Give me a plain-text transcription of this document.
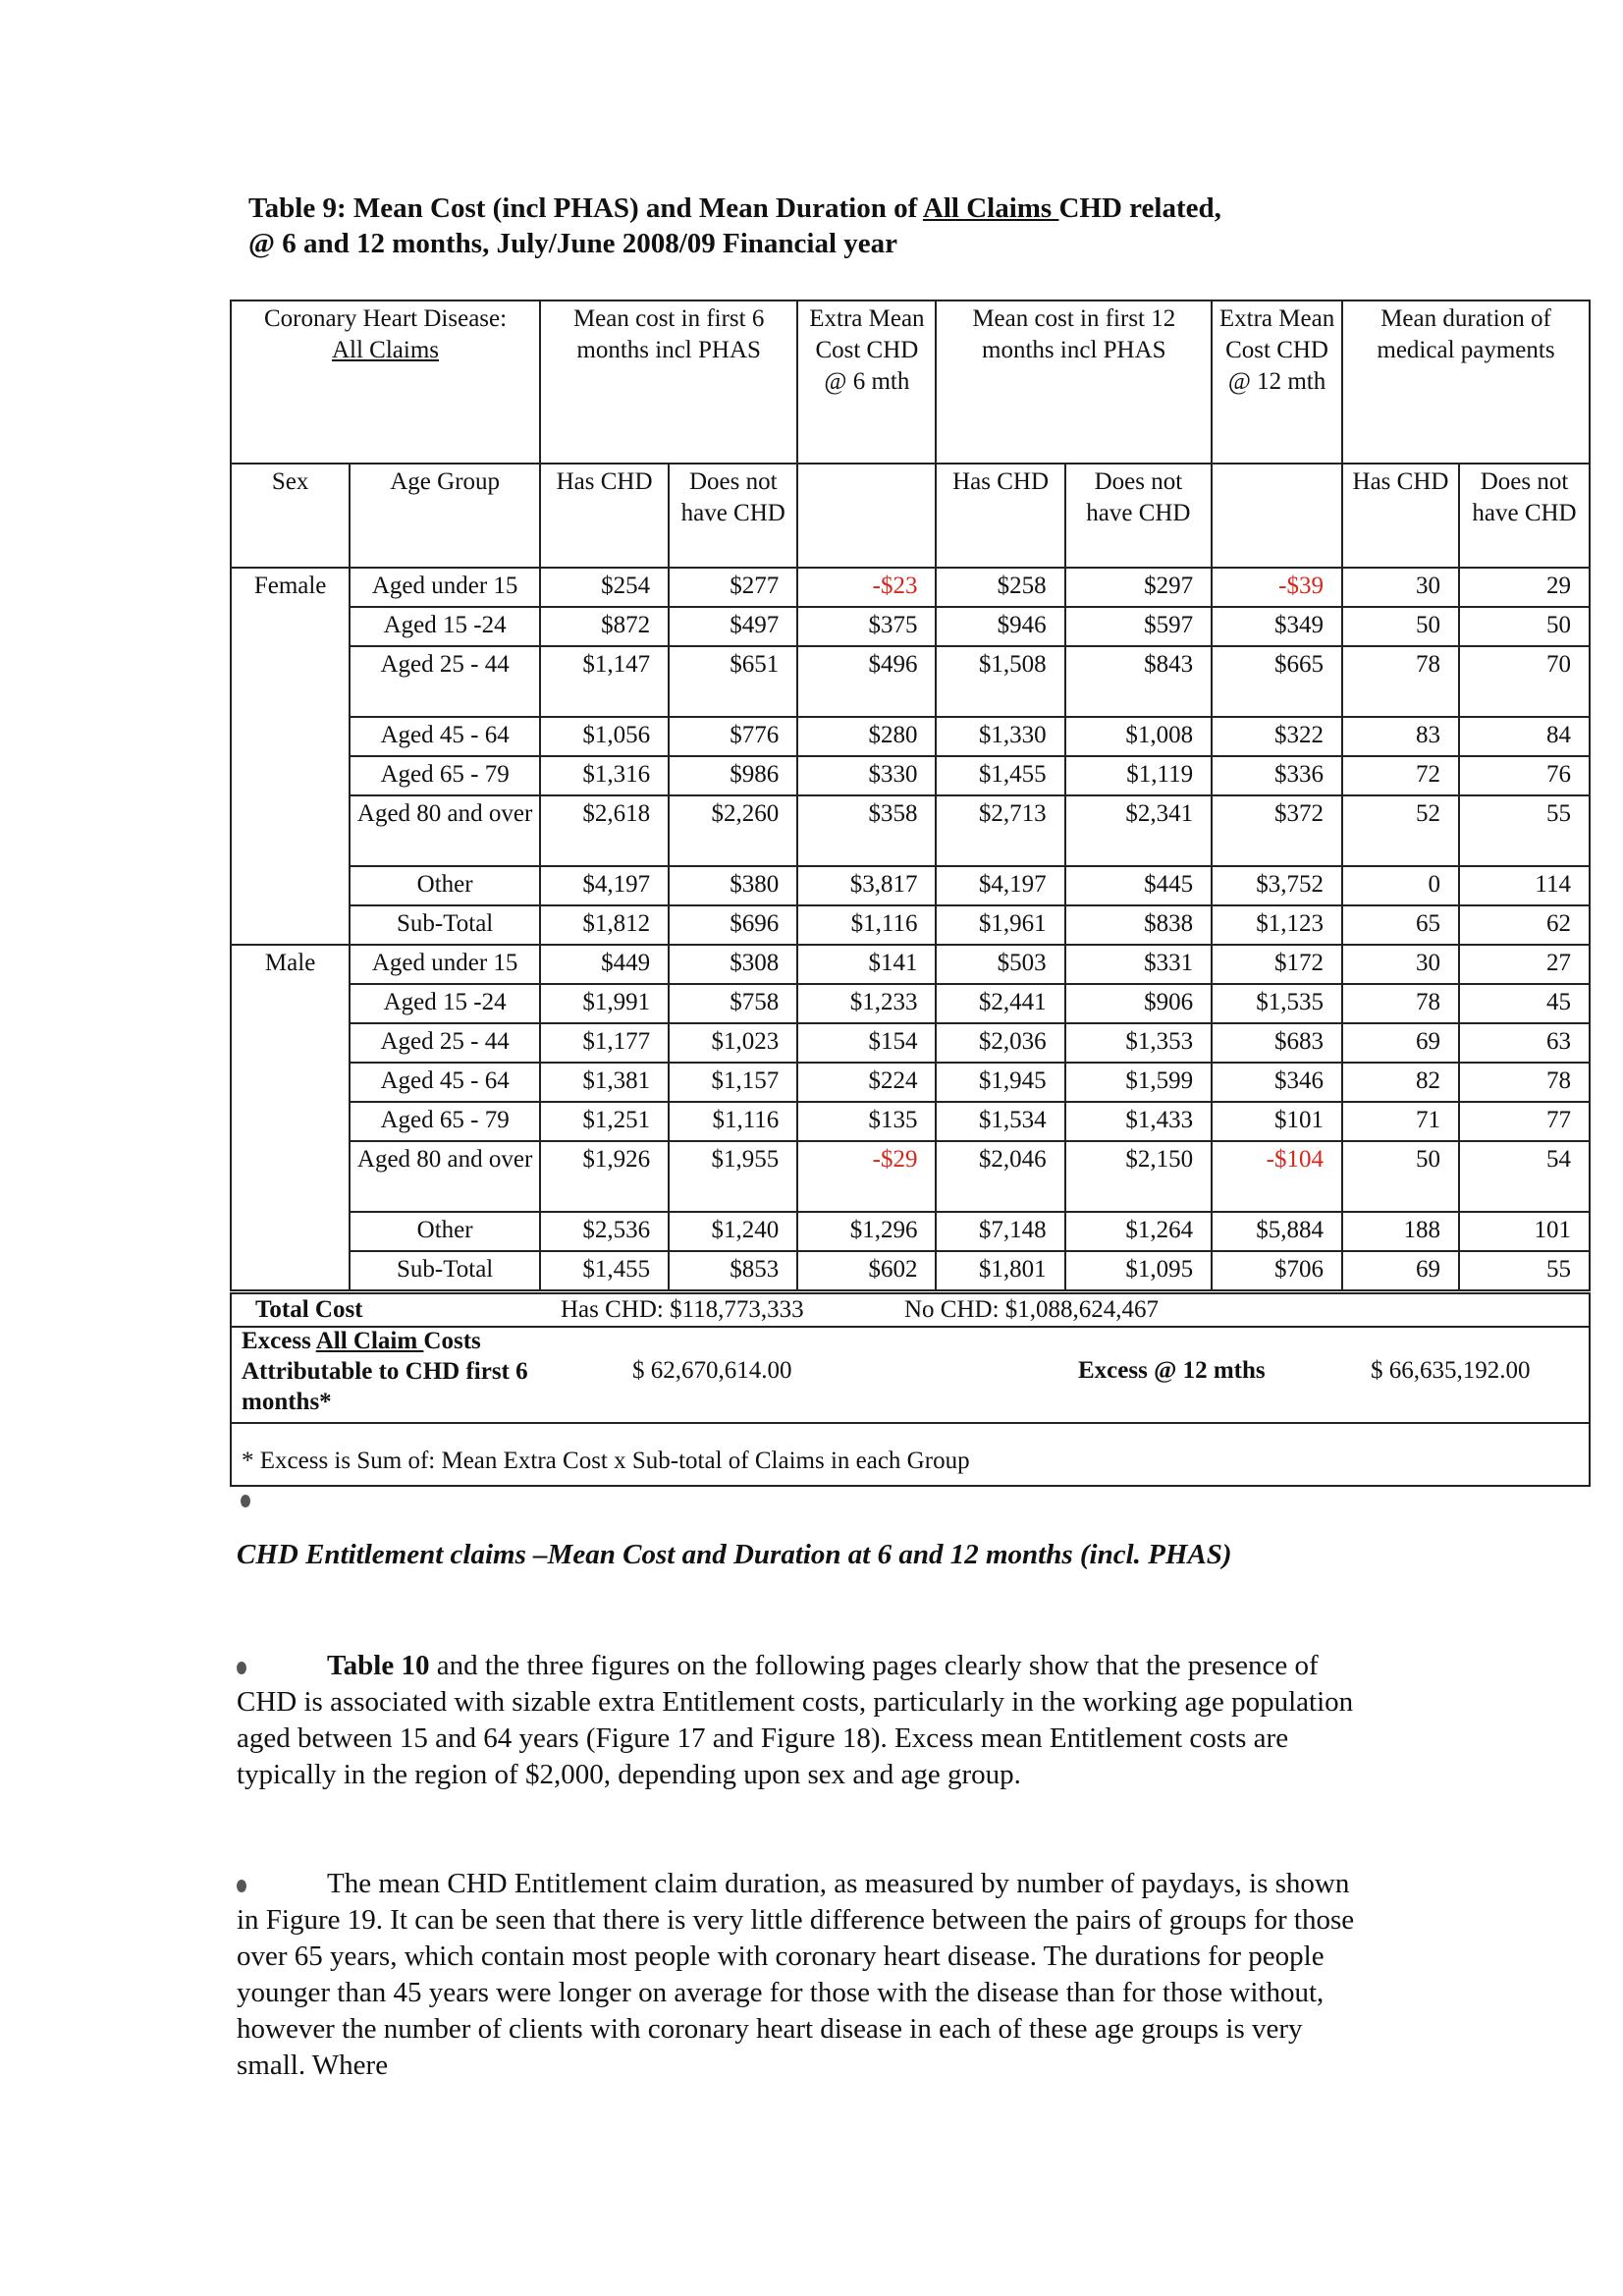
Table 9: Mean Cost (incl PHAS) and Mean Duration of All Claims CHD related,
@ 6 and 12 months, July/June 2008/09 Financial year
Coronary Heart Disease:
All Claims		Mean cost in first 6 months incl PHAS		Extra Mean Cost CHD @ 6 mth	Mean cost in first 12 months incl PHAS		Extra Mean Cost CHD @ 12 mth	Mean duration of medical payments	
Sex	Age Group	Has CHD	Does not have CHD		Has CHD	Does not have CHD		Has CHD	Does not have CHD
Female	Aged under 15	$254	$277	-$23	$258	$297	-$39	30	29
	Aged 15 -24	$872	$497	$375	$946	$597	$349	50	50
	Aged 25 - 44	$1,147	$651	$496	$1,508	$843	$665	78	70
	Aged 45 - 64	$1,056	$776	$280	$1,330	$1,008	$322	83	84
	Aged 65 - 79	$1,316	$986	$330	$1,455	$1,119	$336	72	76
	Aged 80 and over	$2,618	$2,260	$358	$2,713	$2,341	$372	52	55
	Other	$4,197	$380	$3,817	$4,197	$445	$3,752	0	114
	Sub-Total	$1,812	$696	$1,116	$1,961	$838	$1,123	65	62
Male	Aged under 15	$449	$308	$141	$503	$331	$172	30	27
	Aged 15 -24	$1,991	$758	$1,233	$2,441	$906	$1,535	78	45
	Aged 25 - 44	$1,177	$1,023	$154	$2,036	$1,353	$683	69	63
	Aged 45 - 64	$1,381	$1,157	$224	$1,945	$1,599	$346	82	78
	Aged 65 - 79	$1,251	$1,116	$135	$1,534	$1,433	$101	71	77
	Aged 80 and over	$1,926	$1,955	-$29	$2,046	$2,150	-$104	50	54
	Other	$2,536	$1,240	$1,296	$7,148	$1,264	$5,884	188	101
	Sub-Total	$1,455	$853	$602	$1,801	$1,095	$706	69	55
Total Cost	Has CHD: $118,773,333	No CHD: $1,088,624,467
Excess All Claim Costs Attributable to CHD first 6 months*
$ 62,670,614.00	Excess @ 12 mths	$ 66,635,192.00
* Excess is Sum of: Mean Extra Cost x Sub-total of Claims in each Group
CHD Entitlement claims –Mean Cost and Duration at 6 and 12 months (incl. PHAS)
Table 10 and the three figures on the following pages clearly show that the presence of CHD is associated with sizable extra Entitlement costs, particularly in the working age population aged between 15 and 64 years (Figure 17 and Figure 18). Excess mean Entitlement costs are typically in the region of $2,000, depending upon sex and age group.
The mean CHD Entitlement claim duration, as measured by number of paydays, is shown in Figure 19. It can be seen that there is very little difference between the pairs of groups for those over 65 years, which contain most people with coronary heart disease. The durations for people younger than 45 years were longer on average for those with the disease than for those without, however the number of clients with coronary heart disease in each of these age groups is very small. Where
